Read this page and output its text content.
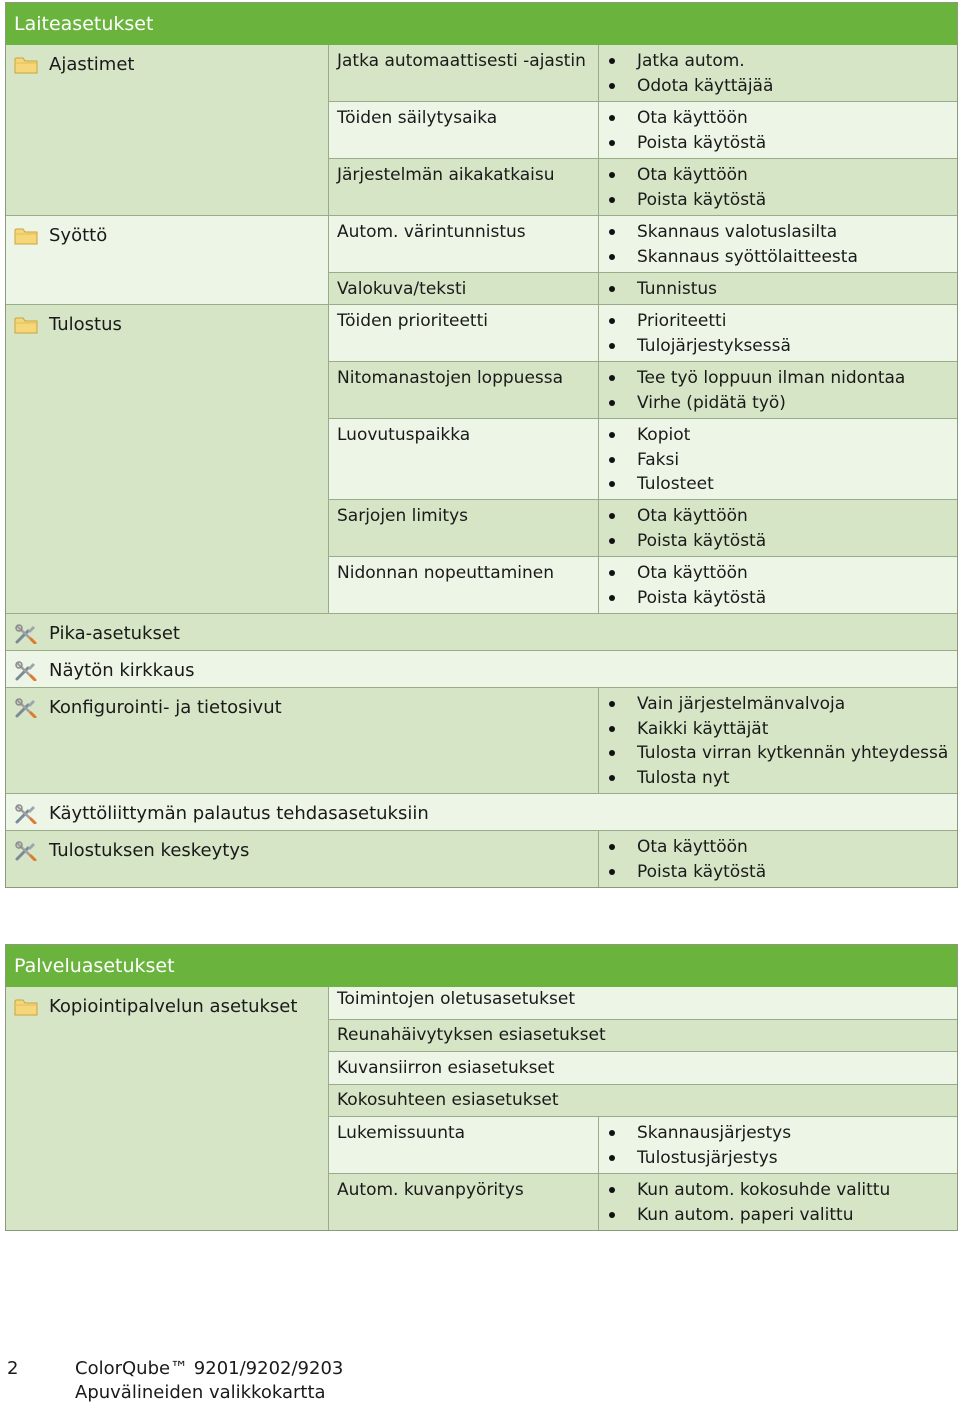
Laiteasetukset
Ajastimet	Jatka automaattisesti -ajastin	Jatka autom.
Odota käyttäjää
Töiden säilytysaika	Ota käyttöön
Poista käytöstä
Järjestelmän aikakatkaisu	Ota käyttöön
Poista käytöstä
Syöttö	Autom. värintunnistus	Skannaus valotuslasilta
Skannaus syöttölaitteesta
Valokuva/teksti	Tunnistus
Tulostus	Töiden prioriteetti	Prioriteetti
Tulojärjestyksessä
Nitomanastojen loppuessa	Tee työ loppuun ilman nidontaa
Virhe (pidätä työ)
Luovutuspaikka	Kopiot
Faksi
Tulosteet
Sarjojen limitys	Ota käyttöön
Poista käytöstä
Nidonnan nopeuttaminen	Ota käyttöön
Poista käytöstä
Pika-asetukset
Näytön kirkkaus
Konfigurointi- ja tietosivut	Vain järjestelmänvalvoja
Kaikki käyttäjät
Tulosta virran kytkennän yhteydessä
Tulosta nyt
Käyttöliittymän palautus tehdasasetuksiin
Tulostuksen keskeytys	Ota käyttöön
Poista käytöstä
Palveluasetukset
Kopiointipalvelun asetukset	Toimintojen oletusasetukset
Reunahäivytyksen esiasetukset
Kuvansiirron esiasetukset
Kokosuhteen esiasetukset
Lukemissuunta	Skannausjärjestys
Tulostusjärjestys
Autom. kuvanpyöritys	Kun autom. kokosuhde valittu
Kun autom. paperi valittu
2	ColorQube™ 9201/9202/9203
Apuvälineiden valikkokartta
